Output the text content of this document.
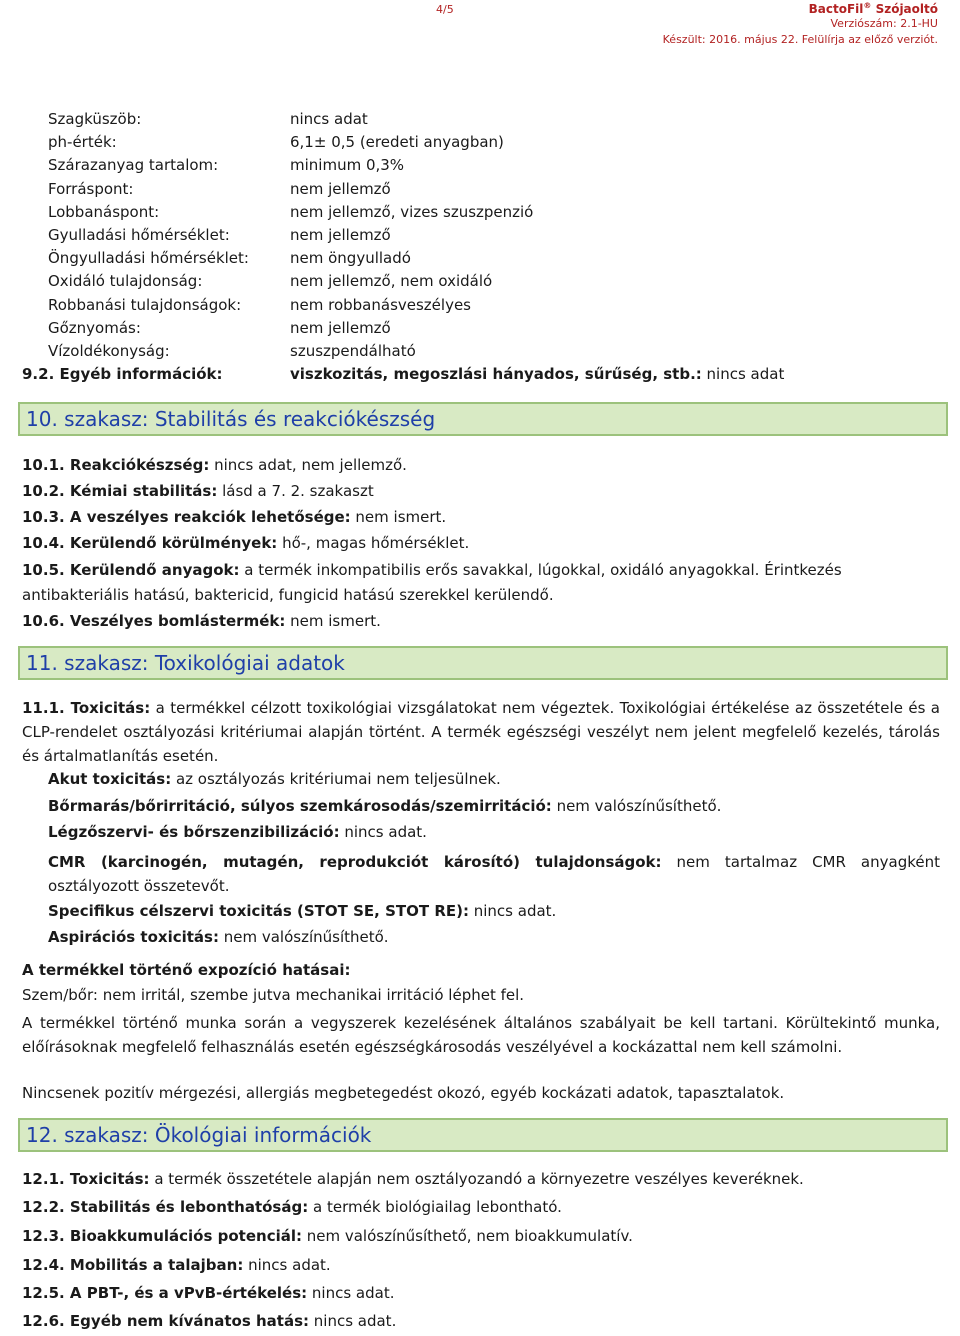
4/5	BactoFil® Szójaoltó
Verziószám: 2.1-HU
Készült: 2016. május 22. Felülírja az előző verziót.
Szagküszöb:	nincs adat
ph-érték:	6,1± 0,5 (eredeti anyagban)
Szárazanyag tartalom:	minimum 0,3%
Forráspont:	nem jellemző
Lobbanáspont:	nem jellemző, vizes szuszpenzió
Gyulladási hőmérséklet:	nem jellemző
Öngyulladási hőmérséklet:	nem öngyulladó
Oxidáló tulajdonság:	nem jellemző, nem oxidáló
Robbanási tulajdonságok:	nem robbanásveszélyes
Gőznyomás:	nem jellemző
Vízoldékonyság:	szuszpendálható
9.2. Egyéb információk:	viszkozitás, megoszlási hányados, sűrűség, stb.: nincs adat
10. szakasz: Stabilitás és reakciókészség
10.1. Reakciókészség: nincs adat, nem jellemző.
10.2. Kémiai stabilitás: lásd a 7. 2. szakaszt
10.3. A veszélyes reakciók lehetősége: nem ismert.
10.4. Kerülendő körülmények: hő-, magas hőmérséklet.
10.5. Kerülendő anyagok: a termék inkompatibilis erős savakkal, lúgokkal, oxidáló anyagokkal. Érintkezés
antibakteriális hatású, baktericid, fungicid hatású szerekkel kerülendő.
10.6. Veszélyes bomlástermék: nem ismert.
11. szakasz: Toxikológiai adatok
11.1. Toxicitás: a termékkel célzott toxikológiai vizsgálatokat nem végeztek. Toxikológiai értékelése az összetétele és a CLP-rendelet osztályozási kritériumai alapján történt. A termék egészségi veszélyt nem jelent megfelelő kezelés, tárolás és ártalmatlanítás esetén.
Akut toxicitás: az osztályozás kritériumai nem teljesülnek.
Bőrmarás/bőrirritáció, súlyos szemkárosodás/szemirritáció: nem valószínűsíthető.
Légzőszervi- és bőrszenzibilizáció: nincs adat.
CMR (karcinogén, mutagén, reprodukciót károsító) tulajdonságok: nem tartalmaz CMR anyagként osztályozott összetevőt.
Specifikus célszervi toxicitás (STOT SE, STOT RE): nincs adat.
Aspirációs toxicitás: nem valószínűsíthető.
A termékkel történő expozíció hatásai:
Szem/bőr: nem irritál, szembe jutva mechanikai irritáció léphet fel.
A termékkel történő munka során a vegyszerek kezelésének általános szabályait be kell tartani. Körültekintő munka, előírásoknak megfelelő felhasználás esetén egészségkárosodás veszélyével a kockázattal nem kell számolni.
Nincsenek pozitív mérgezési, allergiás megbetegedést okozó, egyéb kockázati adatok, tapasztalatok.
12. szakasz: Ökológiai információk
12.1. Toxicitás: a termék összetétele alapján nem osztályozandó a környezetre veszélyes keveréknek.
12.2. Stabilitás és lebonthatóság: a termék biológiailag lebontható.
12.3. Bioakkumulációs potenciál: nem valószínűsíthető, nem bioakkumulatív.
12.4. Mobilitás a talajban: nincs adat.
12.5. A PBT-, és a vPvB-értékelés: nincs adat.
12.6. Egyéb nem kívánatos hatás: nincs adat.
